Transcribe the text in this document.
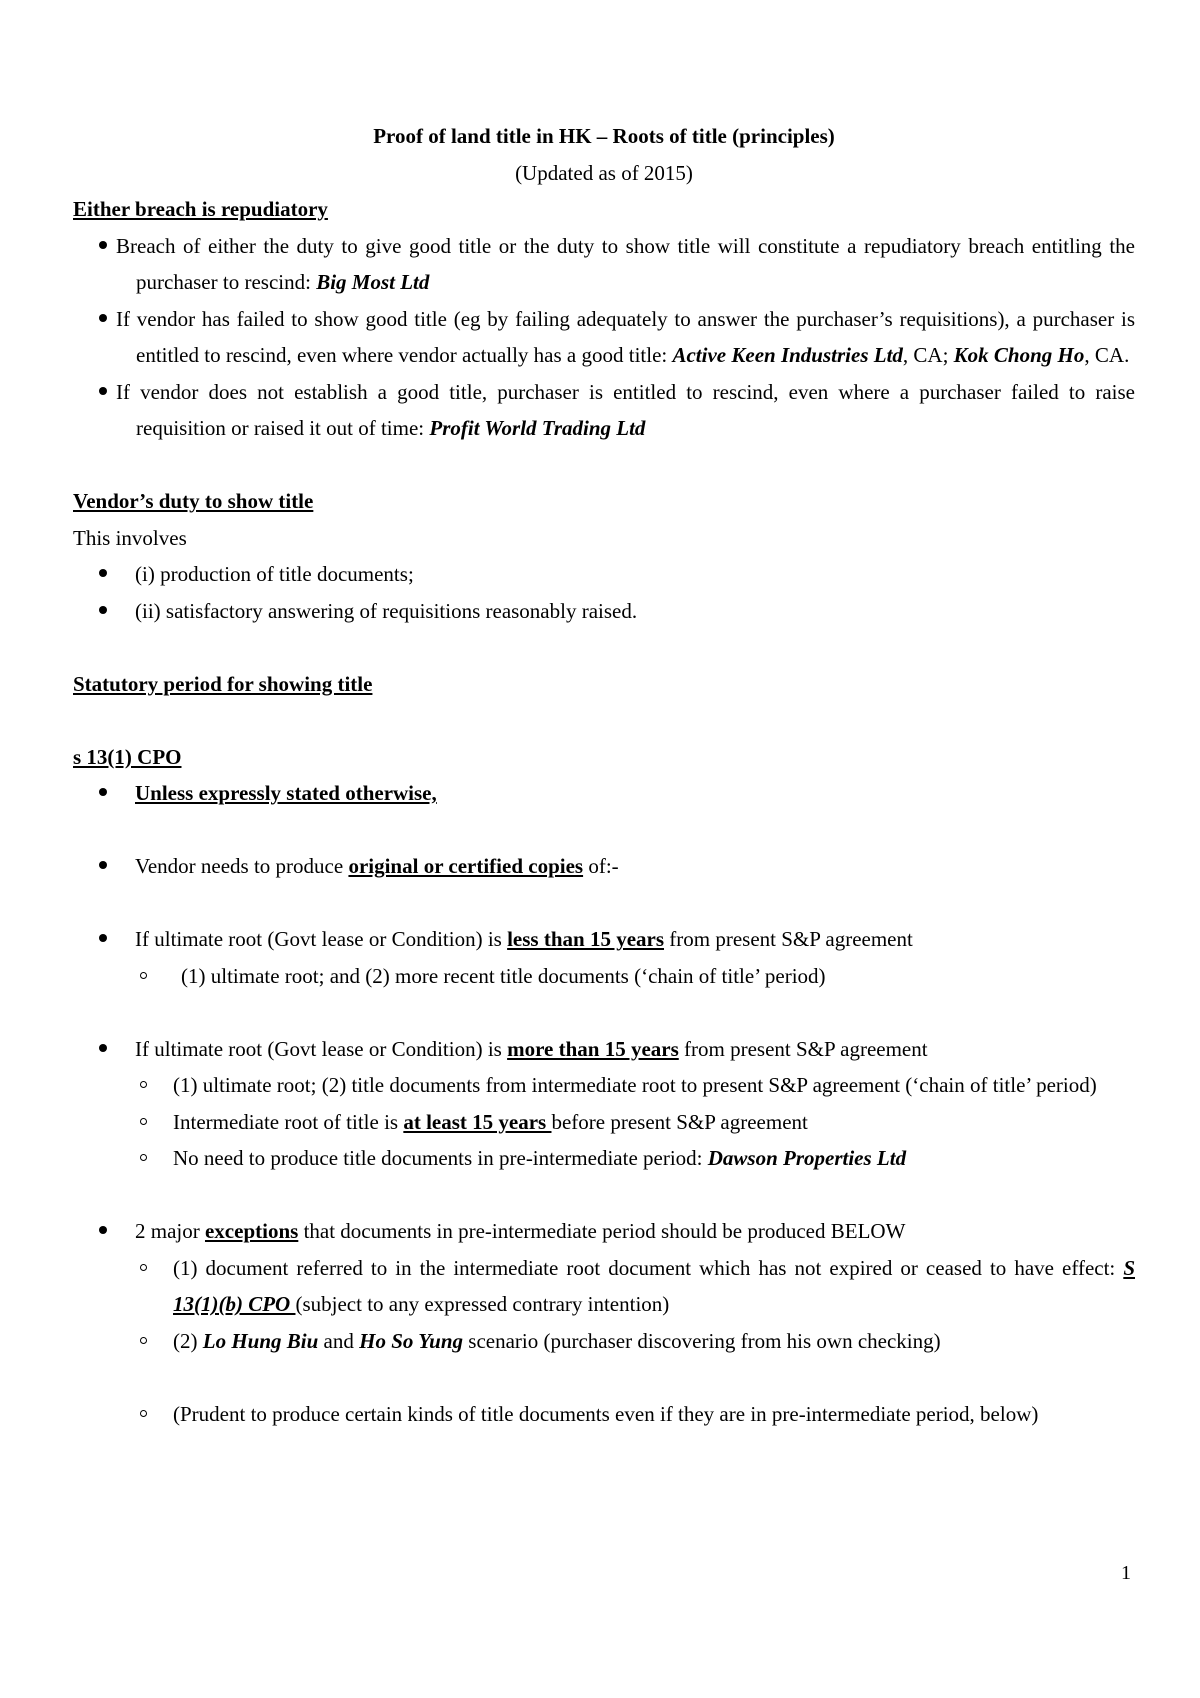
Proof of land title in HK – Roots of title (principles)
(Updated as of 2015)
Either breach is repudiatory
Breach of either the duty to give good title or the duty to show title will constitute a repudiatory breach entitling the purchaser to rescind: Big Most Ltd
If vendor has failed to show good title (eg by failing adequately to answer the purchaser’s requisitions), a purchaser is entitled to rescind, even where vendor actually has a good title: Active Keen Industries Ltd, CA; Kok Chong Ho, CA.
If vendor does not establish a good title, purchaser is entitled to rescind, even where a purchaser failed to raise requisition or raised it out of time: Profit World Trading Ltd
Vendor’s duty to show title
This involves
(i) production of title documents;
(ii) satisfactory answering of requisitions reasonably raised.
Statutory period for showing title
s 13(1) CPO
Unless expressly stated otherwise,
Vendor needs to produce original or certified copies of:-
If ultimate root (Govt lease or Condition) is less than 15 years from present S&P agreement
(1) ultimate root; and (2) more recent title documents (‘chain of title’ period)
If ultimate root (Govt lease or Condition) is more than 15 years from present S&P agreement
(1) ultimate root; (2) title documents from intermediate root to present S&P agreement (‘chain of title’ period)
Intermediate root of title is at least 15 years before present S&P agreement
No need to produce title documents in pre-intermediate period: Dawson Properties Ltd
2 major exceptions that documents in pre-intermediate period should be produced BELOW
(1) document referred to in the intermediate root document which has not expired or ceased to have effect: S 13(1)(b) CPO (subject to any expressed contrary intention)
(2) Lo Hung Biu and Ho So Yung scenario (purchaser discovering from his own checking)
(Prudent to produce certain kinds of title documents even if they are in pre-intermediate period, below)
1
